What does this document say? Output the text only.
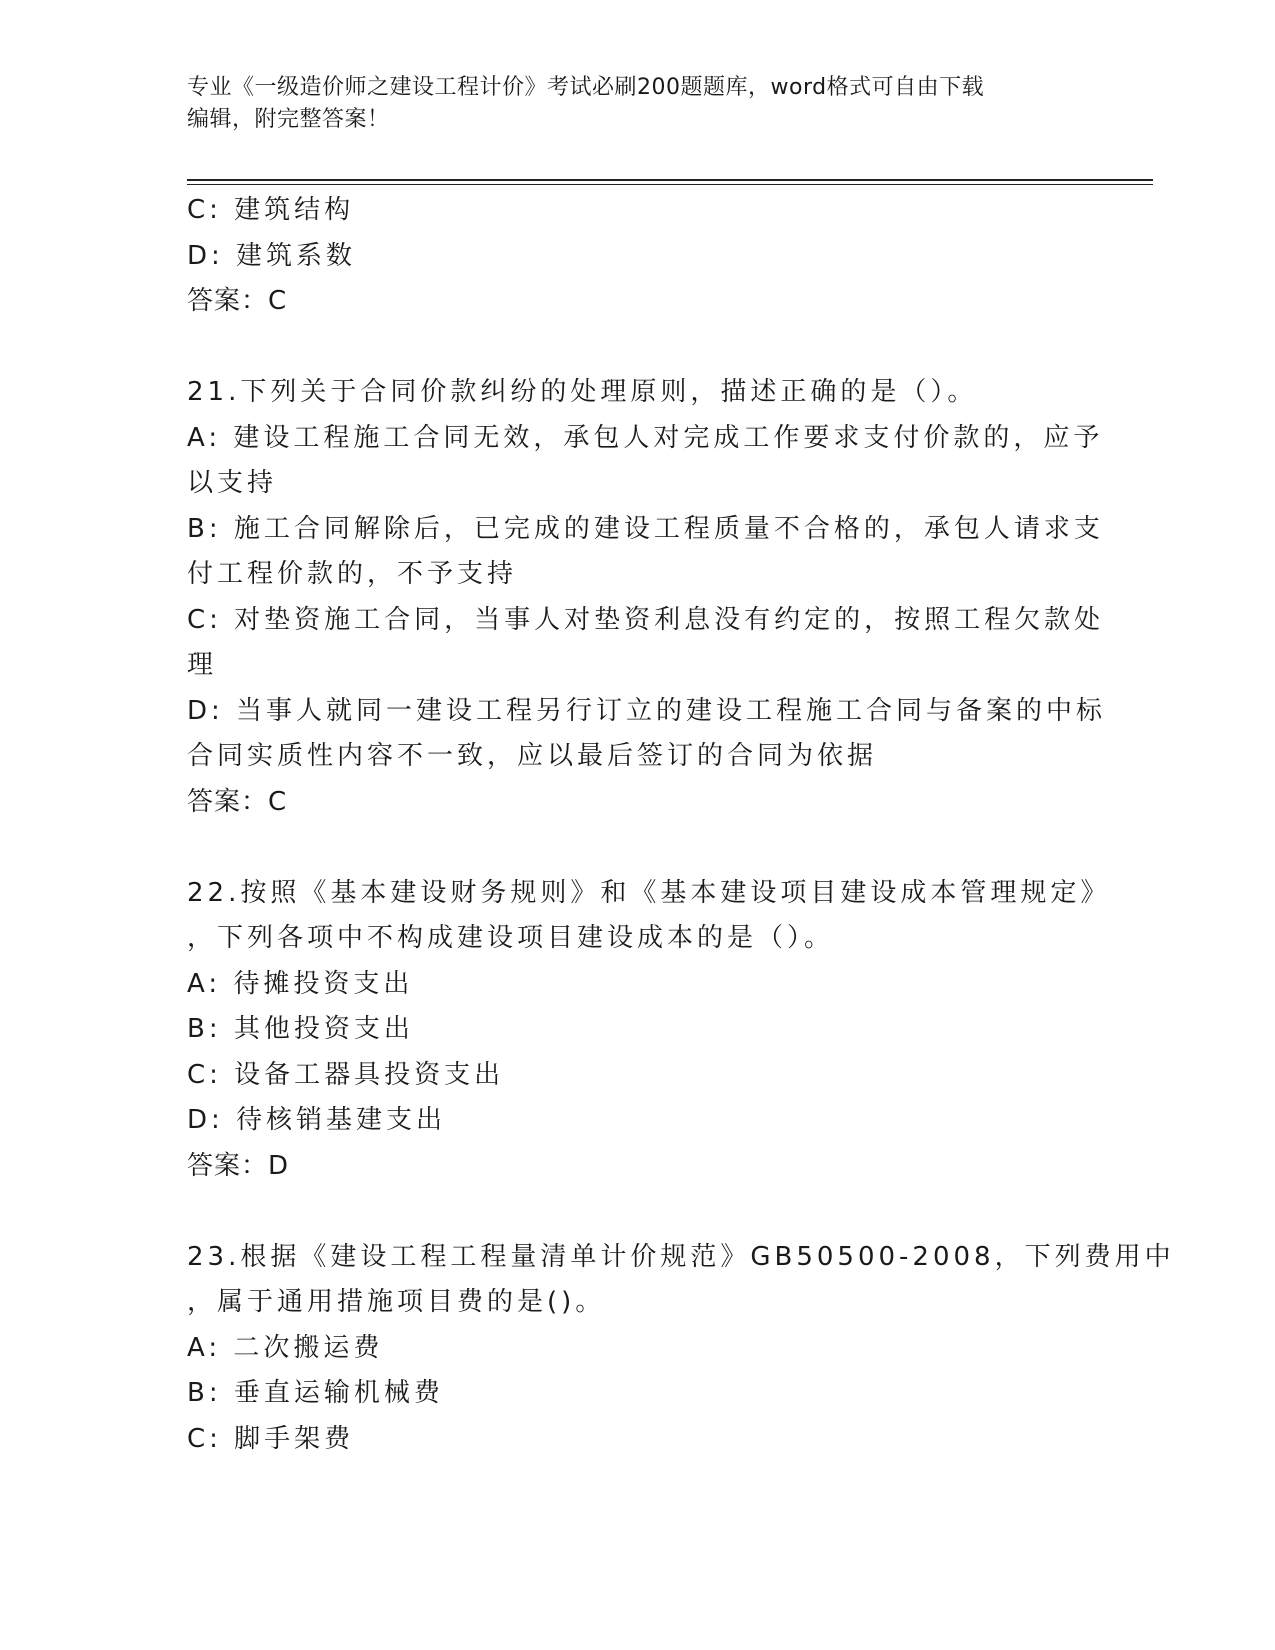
专业《一级造价师之建设工程计价》考试必刷200题题库，word格式可自由下载
编辑，附完整答案！
C: 建筑结构
D: 建筑系数
答案：C
21.下列关于合同价款纠纷的处理原则，描述正确的是（）。
A: 建设工程施工合同无效，承包人对完成工作要求支付价款的，应予
以支持
B: 施工合同解除后，已完成的建设工程质量不合格的，承包人请求支
付工程价款的，不予支持
C: 对垫资施工合同，当事人对垫资利息没有约定的，按照工程欠款处
理
D: 当事人就同一建设工程另行订立的建设工程施工合同与备案的中标
合同实质性内容不一致，应以最后签订的合同为依据
答案：C
22.按照《基本建设财务规则》和《基本建设项目建设成本管理规定》
，下列各项中不构成建设项目建设成本的是（）。
A: 待摊投资支出
B: 其他投资支出
C: 设备工器具投资支出
D: 待核销基建支出
答案：D
23.根据《建设工程工程量清单计价规范》GB50500-2008，下列费用中
，属于通用措施项目费的是()。
A: 二次搬运费
B: 垂直运输机械费
C: 脚手架费
